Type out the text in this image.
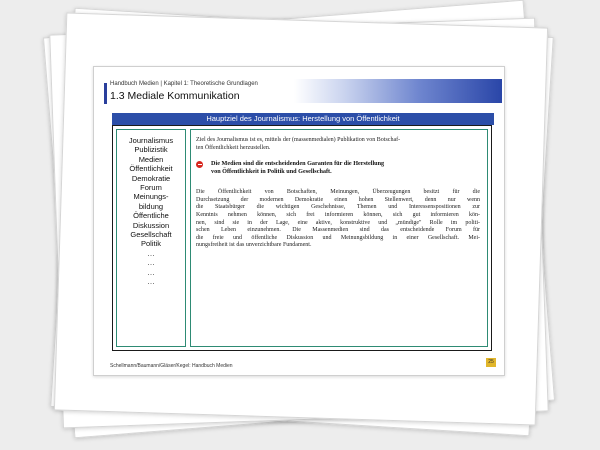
Handbuch Medien | Kapitel 1: Theoretische Grundlagen
1.3 Mediale Kommunikation
Hauptziel des Journalismus: Herstellung von Öffentlichkeit
Journalismus
Publizistik
Medien
Öffentlichkeit
Demokratie
Forum
Meinungs-
bildung
Öffentliche
Diskussion
Gesellschaft
Politik
…
…
…
…

Ziel des Journalismus ist es, mittels der (massenmedialen) Publikation von Botschaf-
ten Öffentlichkeit herzustellen.

Die Medien sind die entscheidenden Garanten für die Herstellung
von Öffentlichkeit in Politik und Gesellschaft.
Die Öffentlichkeit von Botschaften, Meinungen, Überzeugungen besitzt für die
Durchsetzung der modernen Demokratie einen hohen Stellenwert, denn nur wenn
die Staatsbürger die wichtigen Geschehnisse, Themen und Interessenspositionen zur
Kenntnis nehmen können, sich frei informieren können, sich gut informieren kön-
nen, sind sie in der Lage, eine aktive, konstruktive und „mündige" Rolle im politi-
schen Leben einzunehmen. Die Massenmedien sind das entscheidende Forum für
die freie und öffentliche Diskussion und Meinungsbildung in einer Gesellschaft. Mei-
nungsfreiheit ist das unverzichtbare Fundament.
Schellmann/Baumann/Gläser/Kegel: Handbuch Medien
25
